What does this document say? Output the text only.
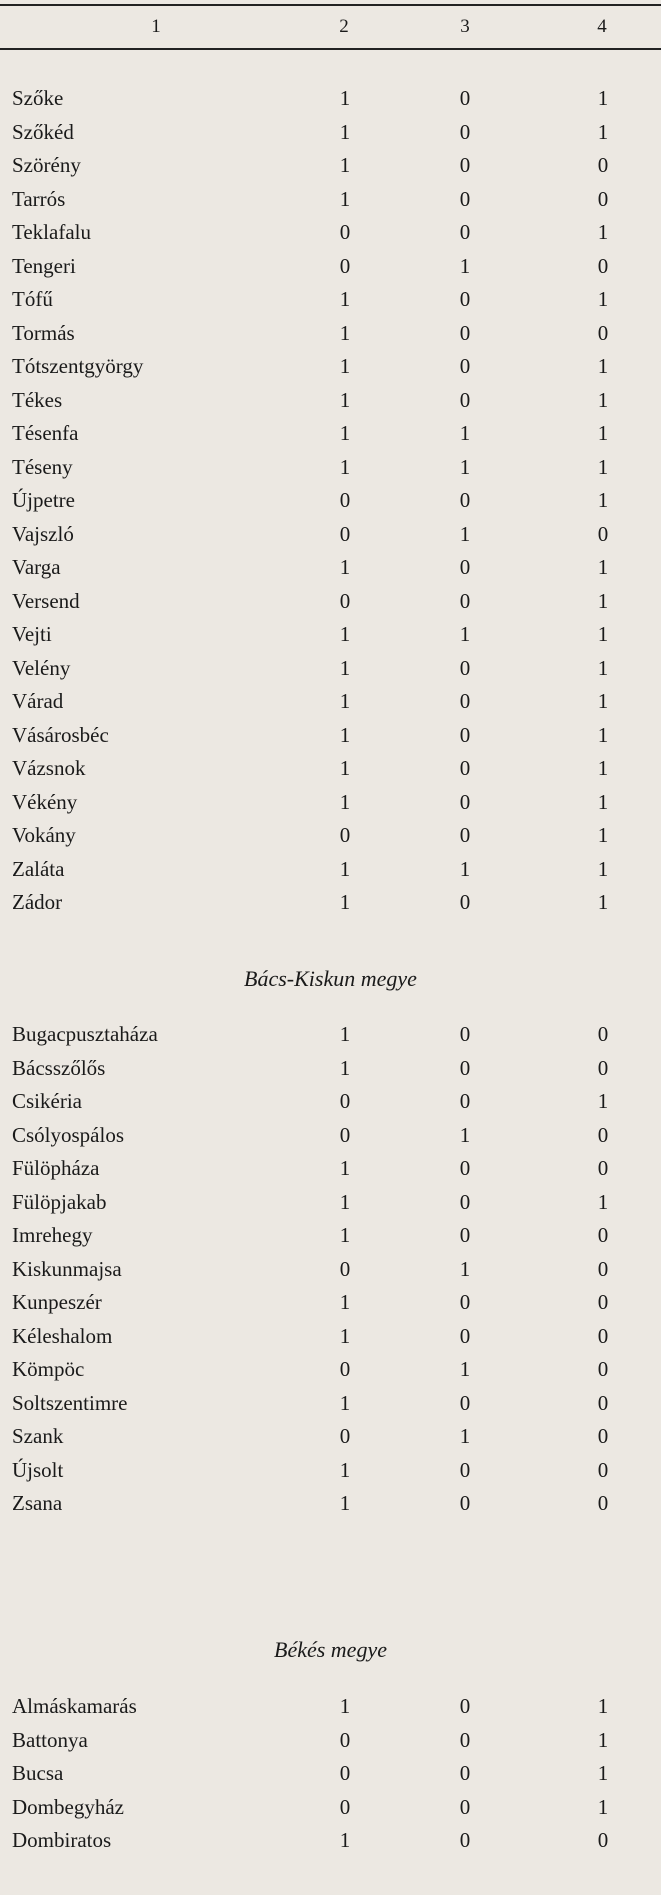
1	2	3	4
Szőke	1	0	1
Szőkéd	1	0	1
Szörény	1	0	0
Tarrós	1	0	0
Teklafalu	0	0	1
Tengeri	0	1	0
Tófű	1	0	1
Tormás	1	0	0
Tótszentgyörgy	1	0	1
Tékes	1	0	1
Tésenfa	1	1	1
Téseny	1	1	1
Újpetre	0	0	1
Vajszló	0	1	0
Varga	1	0	1
Versend	0	0	1
Vejti	1	1	1
Velény	1	0	1
Várad	1	0	1
Vásárosbéc	1	0	1
Vázsnok	1	0	1
Vékény	1	0	1
Vokány	0	0	1
Zaláta	1	1	1
Zádor	1	0	1
Bács-Kiskun megye
Bugacpusztaháza	1	0	0
Bácsszőlős	1	0	0
Csikéria	0	0	1
Csólyospálos	0	1	0
Fülöpháza	1	0	0
Fülöpjakab	1	0	1
Imrehegy	1	0	0
Kiskunmajsa	0	1	0
Kunpeszér	1	0	0
Kéleshalom	1	0	0
Kömpöc	0	1	0
Soltszentimre	1	0	0
Szank	0	1	0
Újsolt	1	0	0
Zsana	1	0	0
Békés megye
Almáskamarás	1	0	1
Battonya	0	0	1
Bucsa	0	0	1
Dombegyház	0	0	1
Dombiratos	1	0	0
